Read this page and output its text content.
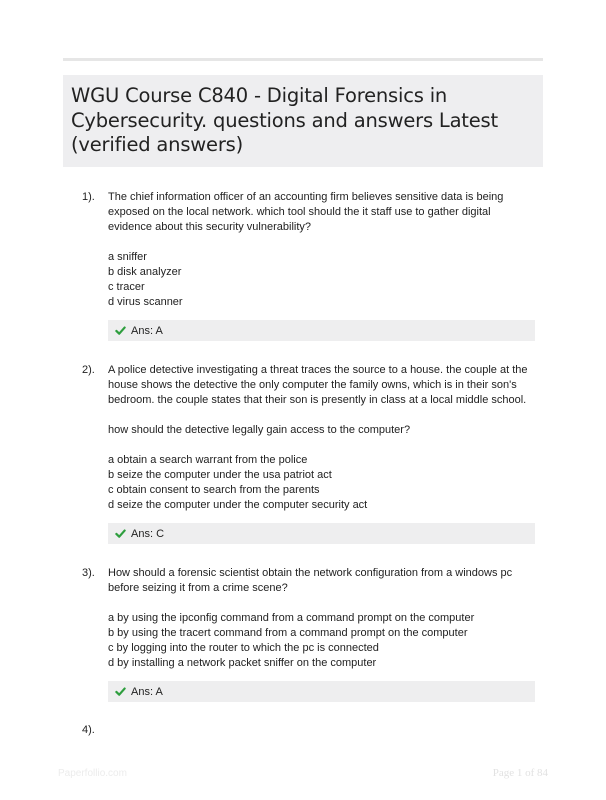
WGU Course C840 - Digital Forensics in Cybersecurity. questions and answers Latest (verified answers)
1). The chief information officer of an accounting firm believes sensitive data is being exposed on the local network. which tool should the it staff use to gather digital evidence about this security vulnerability?

a sniffer
b disk analyzer
c tracer
d virus scanner
Ans: A
2). A police detective investigating a threat traces the source to a house. the couple at the house shows the detective the only computer the family owns, which is in their son's bedroom. the couple states that their son is presently in class at a local middle school.

how should the detective legally gain access to the computer?

a obtain a search warrant from the police
b seize the computer under the usa patriot act
c obtain consent to search from the parents
d seize the computer under the computer security act
Ans: C
3). How should a forensic scientist obtain the network configuration from a windows pc before seizing it from a crime scene?

a by using the ipconfig command from a command prompt on the computer
b by using the tracert command from a command prompt on the computer
c by logging into the router to which the pc is connected
d by installing a network packet sniffer on the computer
Ans: A
4).
Paperfollio.com	Page 1 of 84
